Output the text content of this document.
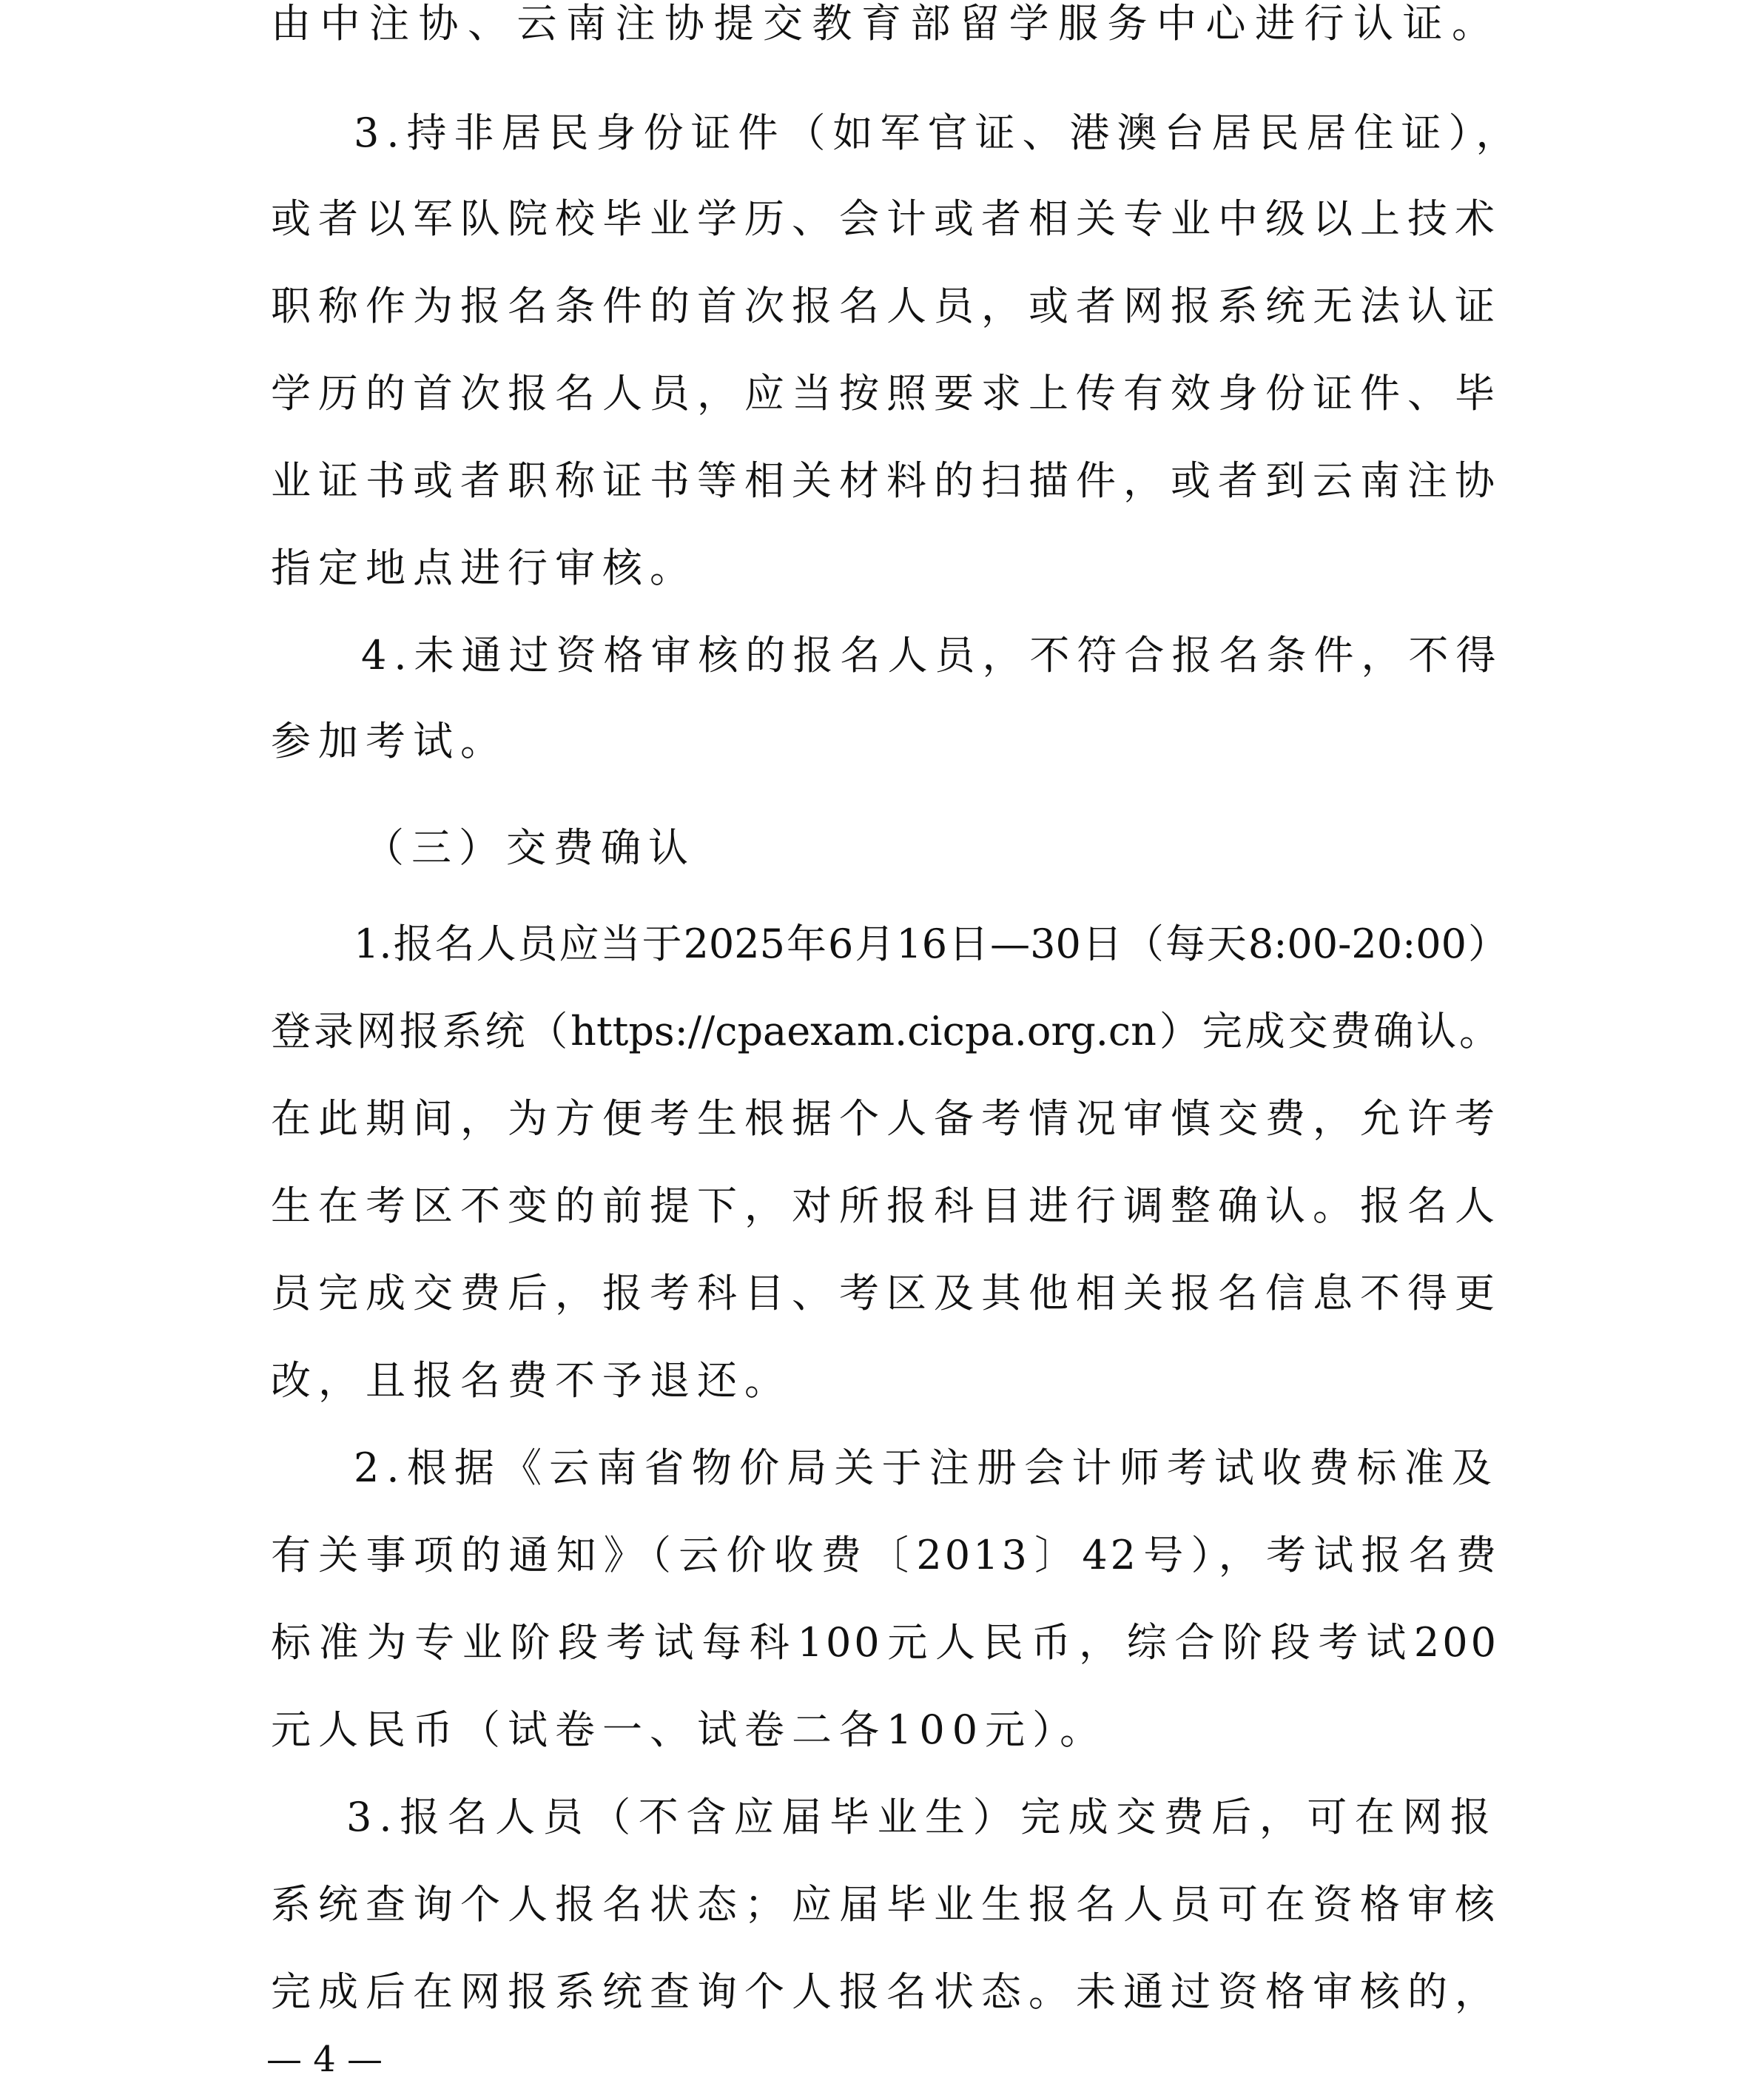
由中注协、云南注协提交教育部留学服务中心进行认证。
3.持非居民身份证件（如军官证、港澳台居民居住证），
或者以军队院校毕业学历、会计或者相关专业中级以上技术
职称作为报名条件的首次报名人员，或者网报系统无法认证
学历的首次报名人员，应当按照要求上传有效身份证件、毕
业证书或者职称证书等相关材料的扫描件，或者到云南注协
指定地点进行审核。
4.未通过资格审核的报名人员，不符合报名条件，不得
参加考试。
（三）交费确认
1.报名人员应当于2025年6月16日—30日（每天8:00-20:00）
登录网报系统（https://cpaexam.cicpa.org.cn）完成交费确认。
在此期间，为方便考生根据个人备考情况审慎交费，允许考
生在考区不变的前提下，对所报科目进行调整确认。报名人
员完成交费后，报考科目、考区及其他相关报名信息不得更
改，且报名费不予退还。
2.根据《云南省物价局关于注册会计师考试收费标准及
有关事项的通知》（云价收费〔2013〕42号），考试报名费
标准为专业阶段考试每科100元人民币，综合阶段考试200
元人民币（试卷一、试卷二各100元）。
3.报名人员（不含应届毕业生）完成交费后，可在网报
系统查询个人报名状态；应届毕业生报名人员可在资格审核
完成后在网报系统查询个人报名状态。未通过资格审核的，
— 4 —
